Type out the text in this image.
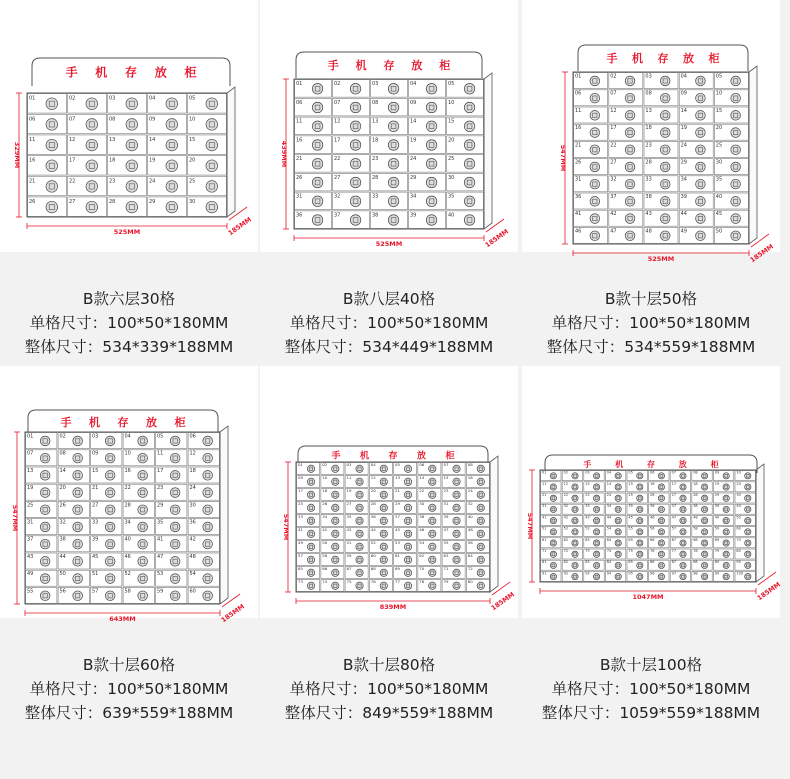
手 机 存 放 柜
01	02	03	04	05
06	07	08	09	10
11	12	13	14	15
16	17	18	19	20
21	22	23	24	25
26	27	28	29	30
329MM
525MM	185MM
B款六层30格
单格尺寸：100*50*180MM
整体尺寸：534*339*188MM
手 机 存 放 柜
01	02	03	04	05
06	07	08	09	10
11	12	13	14	15
16	17	18	19	20
21	22	23	24	25
26	27	28	29	30
31	32	33	34	35
36	37	38	39	40
439MM
525MM	185MM
B款八层40格
单格尺寸：100*50*180MM
整体尺寸：534*449*188MM
手 机 存 放 柜
01	02	03	04	05
06	07	08	09	10
11	12	13	14	15
16	17	18	19	20
21	22	23	24	25
26	27	28	29	30
31	32	33	34	35
36	37	38	39	40
41	42	43	44	45
46	47	48	49	50
547MM
525MM	185MM
B款十层50格
单格尺寸：100*50*180MM
整体尺寸：534*559*188MM
手 机 存 放 柜
01	02	03	04	05	06
07	08	09	10	11	12
13	14	15	16	17	18
19	20	21	22	23	24
25	26	27	28	29	30
31	32	33	34	35	36
37	38	39	40	41	42
43	44	45	46	47	48
49	50	51	52	53	54
55	56	57	58	59	60
547MM
643MM	185MM
B款十层60格
单格尺寸：100*50*180MM
整体尺寸：639*559*188MM
手 机 存 放 柜
01	02	03	04	05	06	07	08
09	10	11	12	13	14	15	16
17	18	19	20	21	22	23	24
25	26	27	28	29	30	31	32
33	34	35	36	37	38	39	40
41	42	43	44	45	46	47	48
49	50	51	52	53	54	55	56
57	58	59	60	61	62	63	64
65	66	67	68	69	70	71	72
73	74	75	76	77	78	79	80
547MM
839MM	185MM
B款十层80格
单格尺寸：100*50*180MM
整体尺寸：849*559*188MM
手	机	存	放	柜
01	02	03	04	05	06	07	08	09	10
11	12	13	14	15	16	17	18	19	20
21	22	23	24	25	26	27	28	29	30
31	32	33	34	35	36	37	38	39	40
41	42	43	44	45	46	47	48	49	50
51	52	53	54	55	56	57	58	59	60
61	62	63	64	65	66	67	68	69	70
71	72	73	74	75	76	77	78	79	80
81	82	83	84	85	86	87	88	89	90
91	92	93	94	95	96	97	98	99	100
547MM
1047MM	185MM
B款十层100格
单格尺寸：100*50*180MM
整体尺寸：1059*559*188MM
